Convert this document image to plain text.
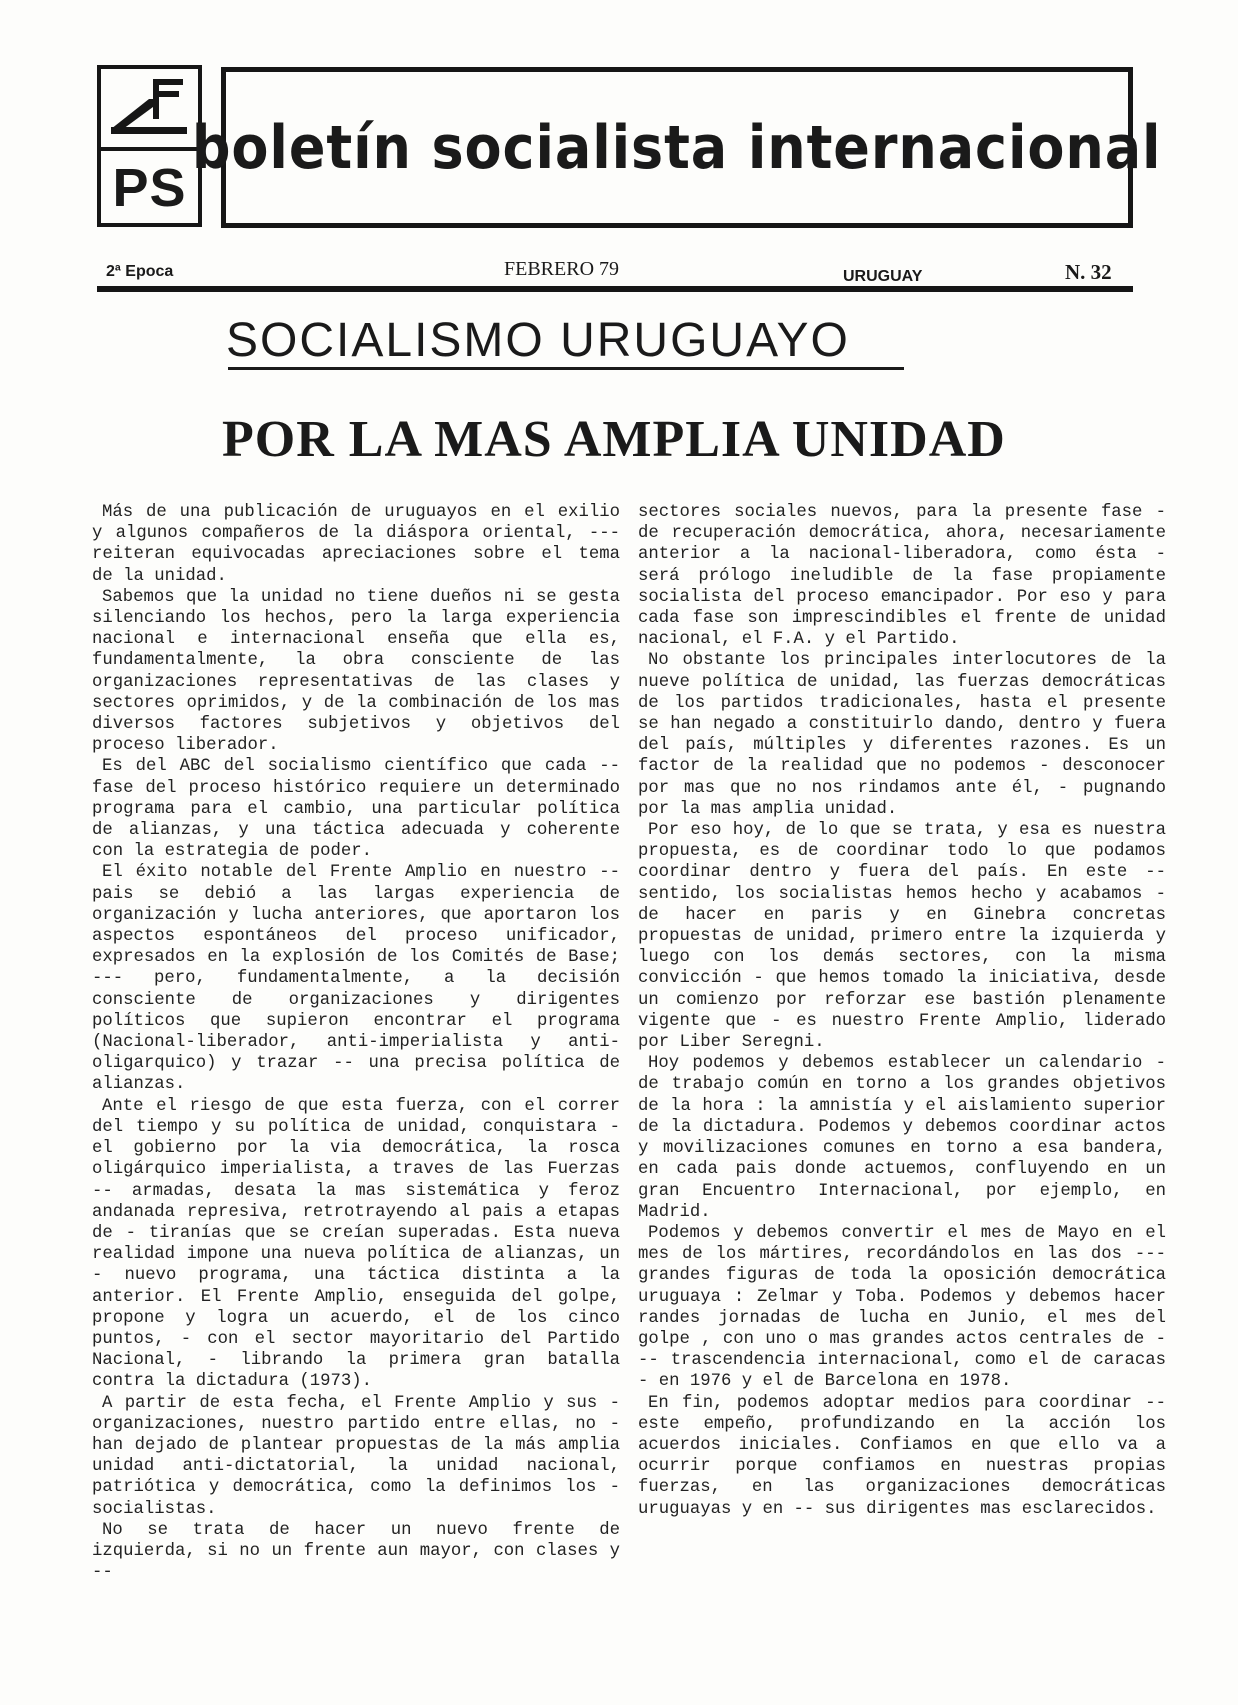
PS
boletín socialista internacional
2ª Epoca	FEBRERO 79	URUGUAY	N. 32
SOCIALISMO URUGUAYO
POR LA MAS AMPLIA UNIDAD

Más de una publicación de uruguayos en el exilio y algunos compañeros de la diáspora oriental, --- reiteran equivocadas apreciaciones sobre el tema de la unidad.

Sabemos que la unidad no tiene dueños ni se gesta silenciando los hechos, pero la larga experiencia nacional e internacional enseña que ella es, fundamentalmente, la obra consciente de las organizaciones representativas de las clases y sectores oprimidos, y de la combinación de los mas diversos factores subjetivos y objetivos del proceso liberador.

Es del ABC del socialismo científico que cada -- fase del proceso histórico requiere un determinado programa para el cambio, una particular política de alianzas, y una táctica adecuada y coherente con la estrategia de poder.

El éxito notable del Frente Amplio en nuestro -- pais se debió a las largas experiencia de organización y lucha anteriores, que aportaron los aspectos espontáneos del proceso unificador, expresados en la explosión de los Comités de Base; --- pero, fundamentalmente, a la decisión consciente de organizaciones y dirigentes políticos que supieron encontrar el programa (Nacional-liberador, anti-imperialista y anti-oligarquico) y trazar -- una precisa política de alianzas.

Ante el riesgo de que esta fuerza, con el correr del tiempo y su política de unidad, conquistara - el gobierno por la via democrática, la rosca oligárquico imperialista, a traves de las Fuerzas -- armadas, desata la mas sistemática y feroz andanada represiva, retrotrayendo al pais a etapas de - tiranías que se creían superadas. Esta nueva realidad impone una nueva política de alianzas, un - nuevo programa, una táctica distinta a la anterior. El Frente Amplio, enseguida del golpe, propone y logra un acuerdo, el de los cinco puntos, - con el sector mayoritario del Partido Nacional, - librando la primera gran batalla contra la dictadura (1973).

A partir de esta fecha, el Frente Amplio y sus - organizaciones, nuestro partido entre ellas, no - han dejado de plantear propuestas de la más amplia unidad anti-dictatorial, la unidad nacional, patriótica y democrática, como la definimos los - socialistas.

No se trata de hacer un nuevo frente de izquierda, si no un frente aun mayor, con clases y --

sectores sociales nuevos, para la presente fase - de recuperación democrática, ahora, necesariamente anterior a la nacional-liberadora, como ésta - será prólogo ineludible de la fase propiamente socialista del proceso emancipador. Por eso y para cada fase son imprescindibles el frente de unidad nacional, el F.A. y el Partido.

No obstante los principales interlocutores de la nueve política de unidad, las fuerzas democráticas de los partidos tradicionales, hasta el presente se han negado a constituirlo dando, dentro y fuera del país, múltiples y diferentes razones. Es un factor de la realidad que no podemos - desconocer por mas que no nos rindamos ante él, - pugnando por la mas amplia unidad.

Por eso hoy, de lo que se trata, y esa es nuestra propuesta, es de coordinar todo lo que podamos coordinar dentro y fuera del país. En este -- sentido, los socialistas hemos hecho y acabamos - de hacer en paris y en Ginebra concretas propuestas de unidad, primero entre la izquierda y luego con los demás sectores, con la misma convicción - que hemos tomado la iniciativa, desde un comienzo por reforzar ese bastión plenamente vigente que - es nuestro Frente Amplio, liderado por Liber Seregni.

Hoy podemos y debemos establecer un calendario - de trabajo común en torno a los grandes objetivos de la hora : la amnistía y el aislamiento superior de la dictadura. Podemos y debemos coordinar actos y movilizaciones comunes en torno a esa bandera, en cada pais donde actuemos, confluyendo en un gran Encuentro Internacional, por ejemplo, en Madrid.

Podemos y debemos convertir el mes de Mayo en el mes de los mártires, recordándolos en las dos --- grandes figuras de toda la oposición democrática uruguaya : Zelmar y Toba. Podemos y debemos hacer randes jornadas de lucha en Junio, el mes del golpe , con uno o mas grandes actos centrales de --- trascendencia internacional, como el de caracas - en 1976 y el de Barcelona en 1978.

En fin, podemos adoptar medios para coordinar -- este empeño, profundizando en la acción los acuerdos iniciales. Confiamos en que ello va a ocurrir porque confiamos en nuestras propias fuerzas, en las organizaciones democráticas uruguayas y en -- sus dirigentes mas esclarecidos.
